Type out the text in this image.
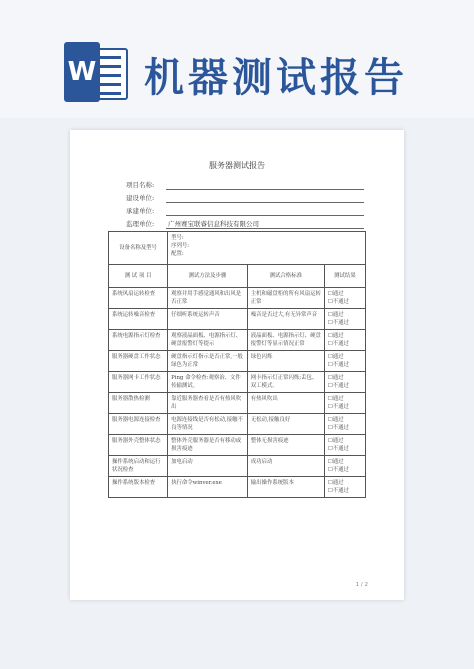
W 机器测试报告
服务器测试报告
项目名称:
建设单位:
承建单位:
监理单位: 广州赛宝联睿信息科技有限公司
设备名称及型号	型号:
序列号:
配置:		

测 试 项 目	测试方法及步骤	测试合格标准	测试结果
系统风扇运转检查	观察并用手感觉通风和出风是否正常	主机和磁盘柜的所有风扇运转正常	☐通过
☐不通过

系统运转噪音检查	仔细听系统运转声音	噪音是否过大,有无异常声音	☐通过
☐不通过

系统电源指示灯检查	观察液晶面板、电源指示灯、硬盘报警灯等提示	液晶面板、电源指示灯、硬盘报警灯等显示情况正常	☐通过
☐不通过

服务器硬盘工作状态	硬盘指示灯指示是否正常,一般绿色为正常	绿色闪烁	☐通过
☐不通过

服务器网卡工作状态	Ping 命令检查:观察治、文件传输测试。	网卡指示灯正常闪烁;丢包、双工模式。	☐通过
☐不通过

服务器散热检测	靠近服务器查看是否有热风吹出	有热风吹出	☐通过
☐不通过

服务器电源连接检查	电源连接线是否有松动,接触不良等情况	无松动,接触良好	☐通过
☐不通过

服务器外壳整体状态	整体外壳服务器是否有移动或损害痕迹	整体无损害痕迹	☐通过
☐不通过

操作系统启动和运行状况检查	加电启动	成功启动	☐通过
☐不通过

操作系统版本检查	执行命令winver.exe	输出操作系统版本	☐通过
☐不通过
1 / 2
